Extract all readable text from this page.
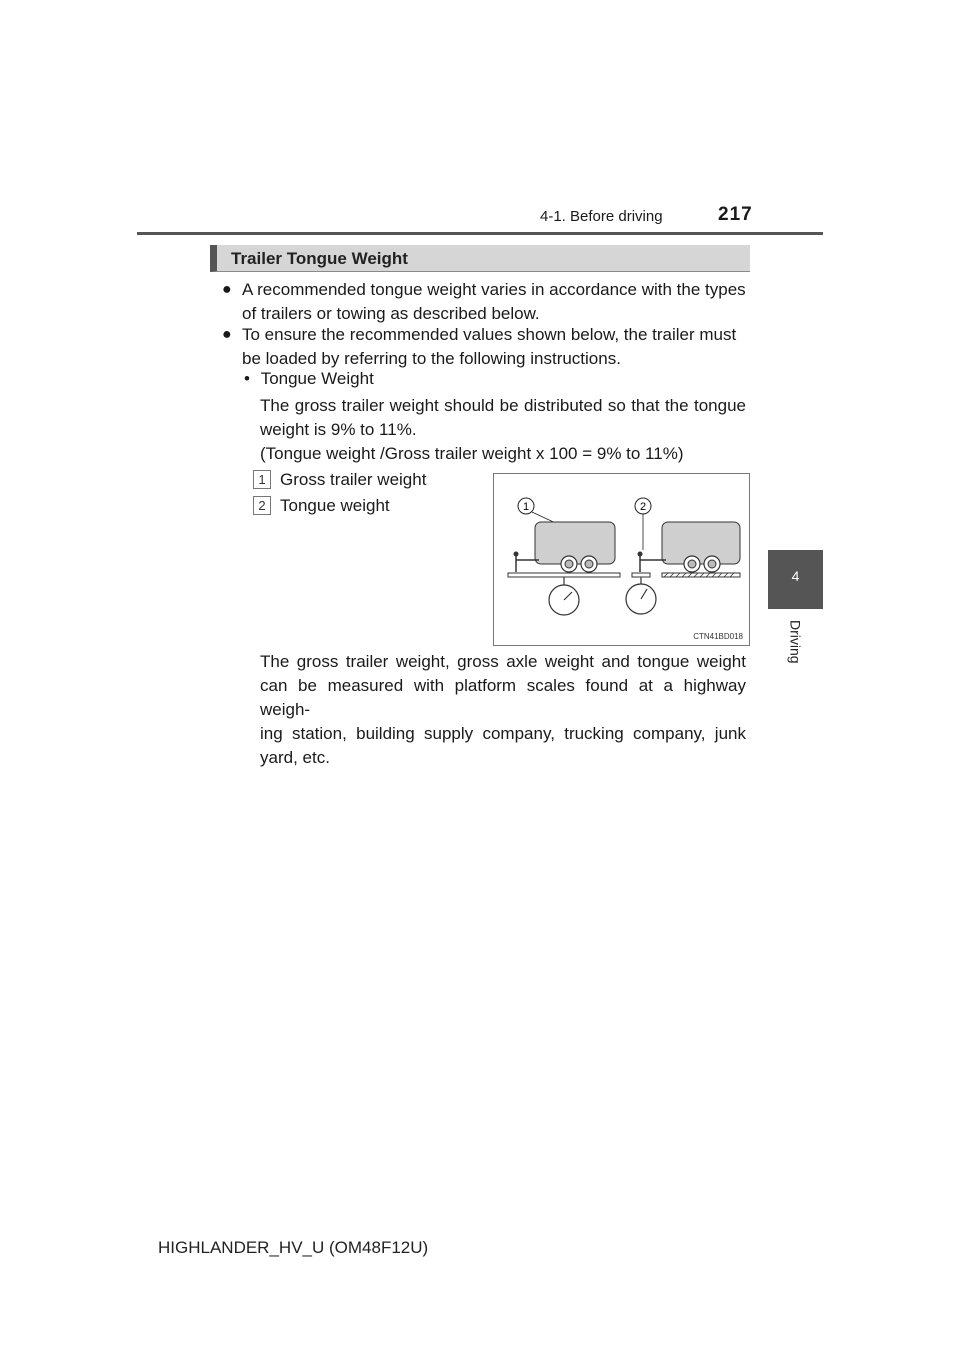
4-1. Before driving	217
4
Driving
Trailer Tongue Weight
● A recommended tongue weight varies in accordance with the types
of trailers or towing as described below.
● To ensure the recommended values shown below, the trailer must
be loaded by referring to the following instructions.
• Tongue Weight
The gross trailer weight should be distributed so that the tongue
weight is 9% to 11%.
(Tongue weight /Gross trailer weight x 100 = 9% to 11%)
1 Gross trailer weight
2 Tongue weight	1	2
CTN41BD018
The gross trailer weight, gross axle weight and tongue weight
can be measured with platform scales found at a highway weigh-
ing station, building supply company, trucking company, junk
yard, etc.
HIGHLANDER_HV_U (OM48F12U)
